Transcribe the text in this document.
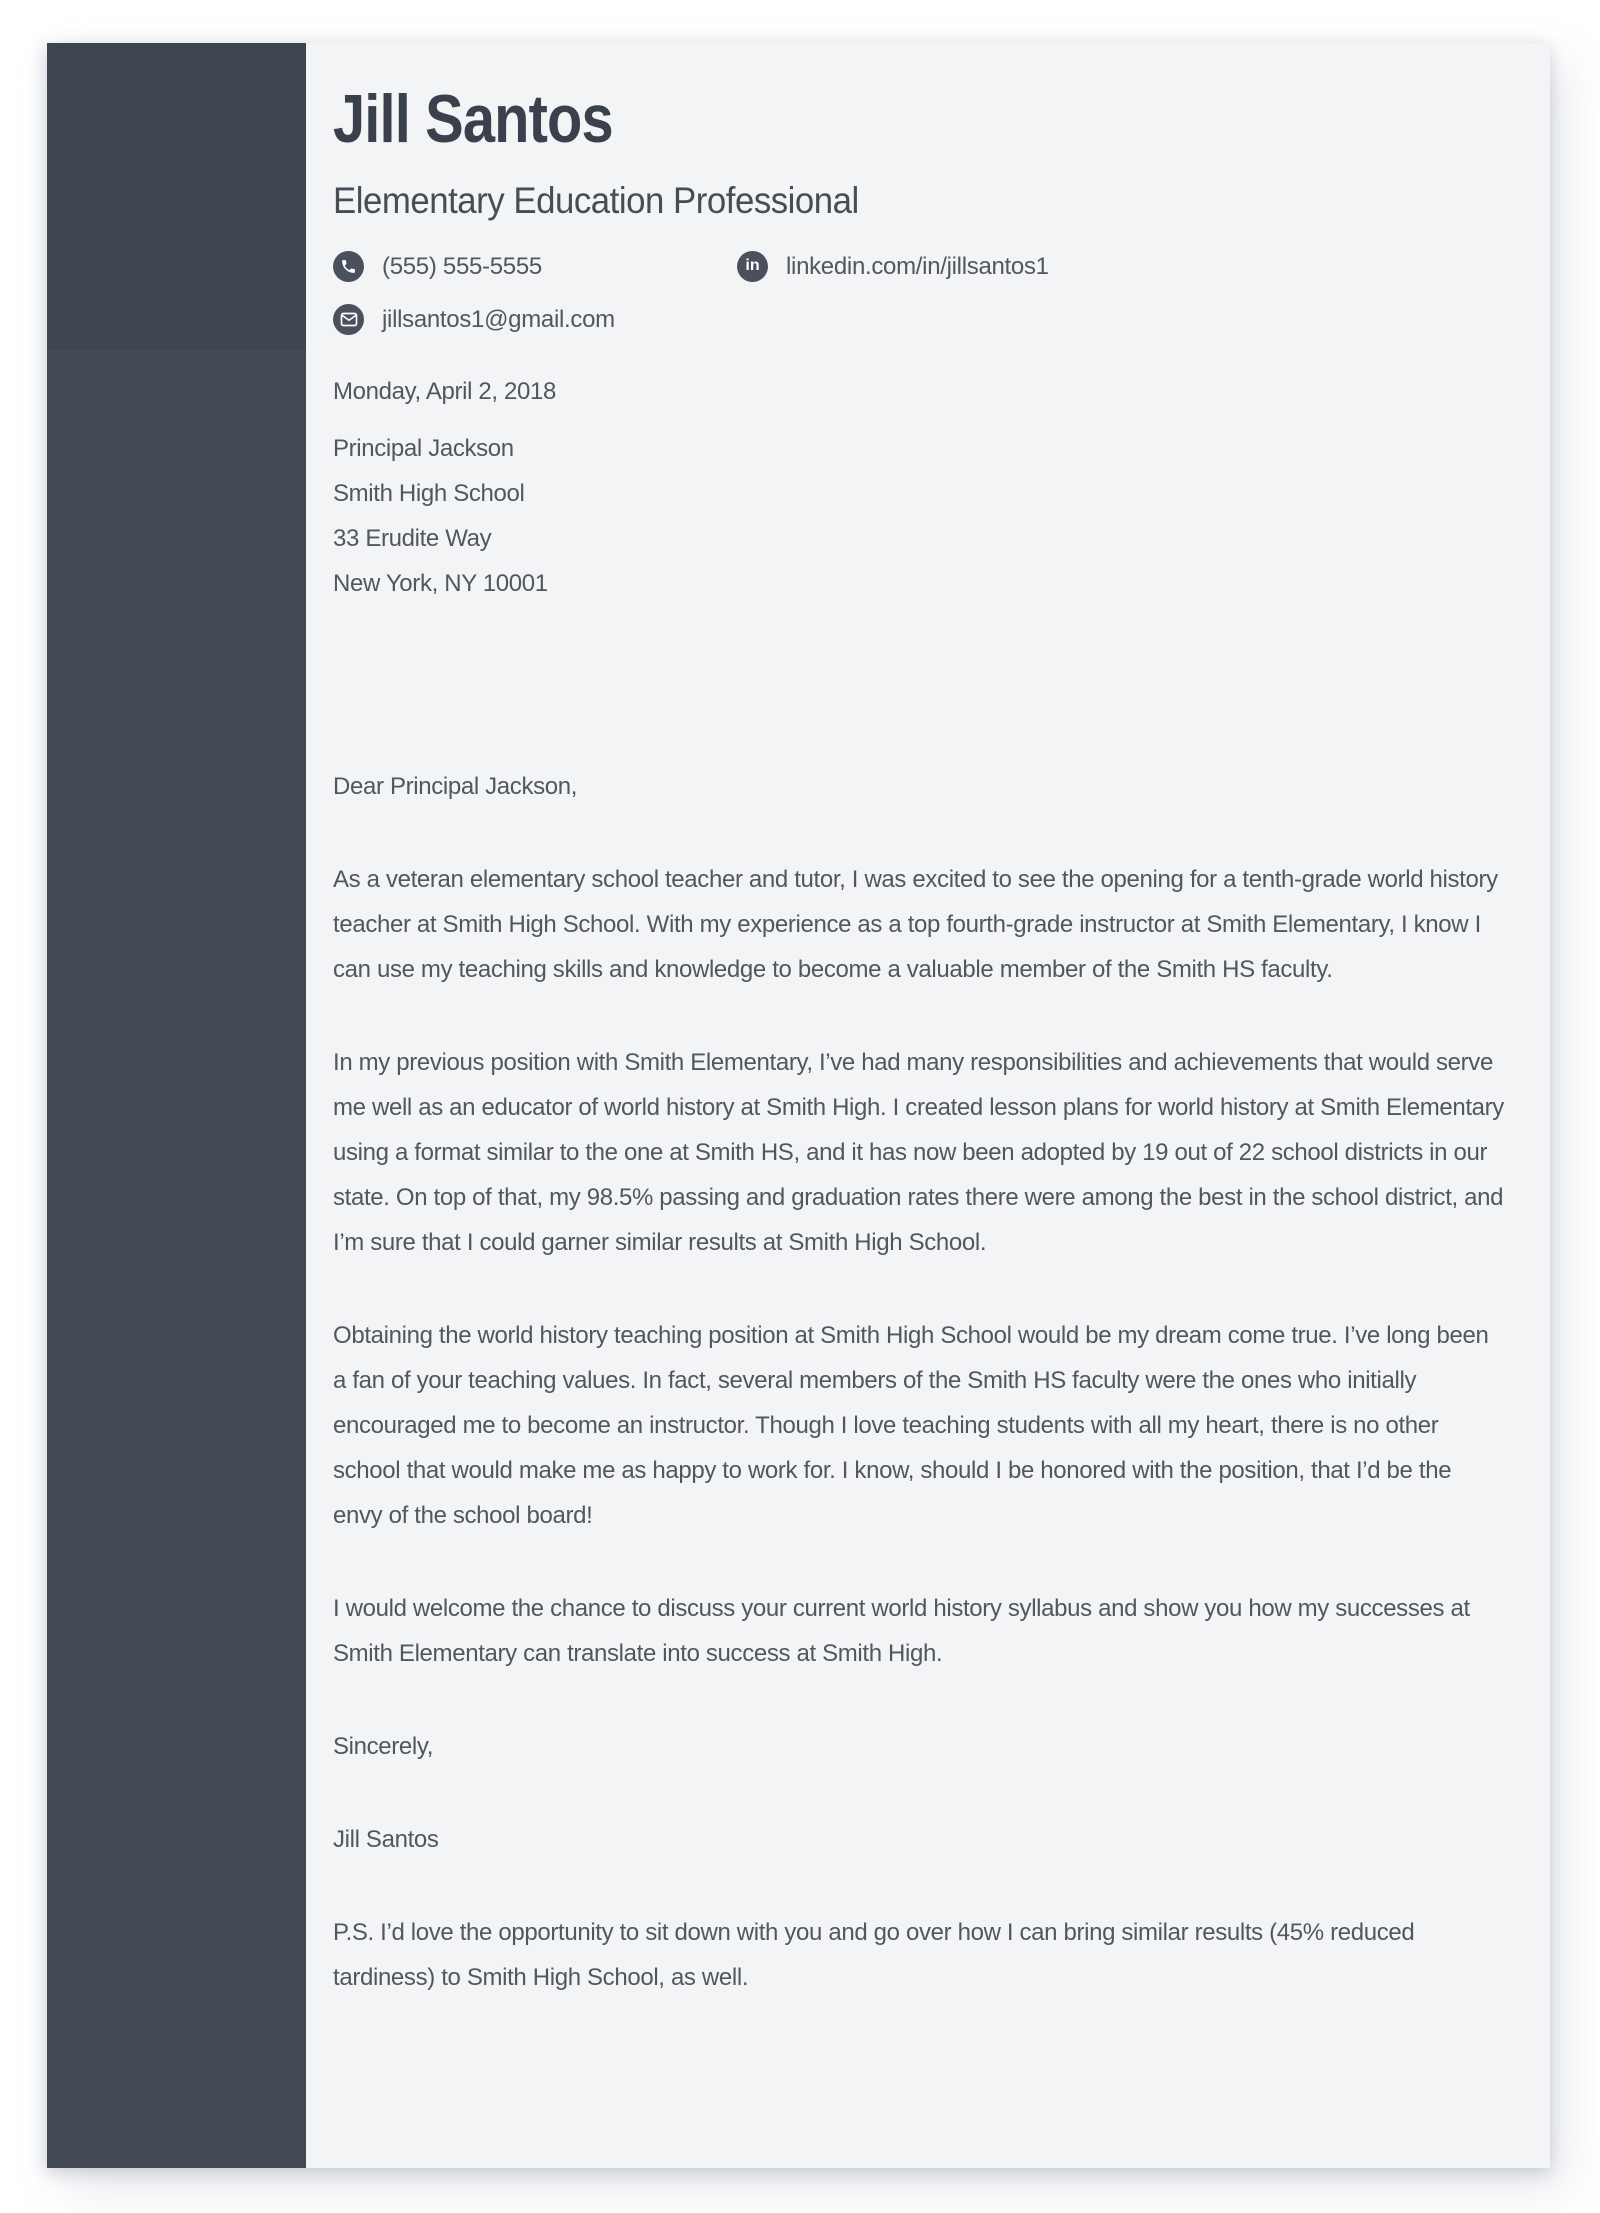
Jill Santos
Elementary Education Professional
(555) 555-5555	in linkedin.com/in/jillsantos1
jillsantos1@gmail.com
Monday, April 2, 2018
Principal Jackson
Smith High School
33 Erudite Way
New York, NY 10001
Dear Principal Jackson,

As a veteran elementary school teacher and tutor, I was excited to see the opening for a tenth-grade world history teacher at Smith High School. With my experience as a top fourth-grade instructor at Smith Elementary, I know I can use my teaching skills and knowledge to become a valuable member of the Smith HS faculty.

In my previous position with Smith Elementary, I’ve had many responsibilities and achievements that would serve me well as an educator of world history at Smith High. I created lesson plans for world history at Smith Elementary using a format similar to the one at Smith HS, and it has now been adopted by 19 out of 22 school districts in our state. On top of that, my 98.5% passing and graduation rates there were among the best in the school district, and I’m sure that I could garner similar results at Smith High School.

Obtaining the world history teaching position at Smith High School would be my dream come true. I’ve long been a fan of your teaching values. In fact, several members of the Smith HS faculty were the ones who initially encouraged me to become an instructor. Though I love teaching students with all my heart, there is no other school that would make me as happy to work for. I know, should I be honored with the position, that I’d be the envy of the school board!

I would welcome the chance to discuss your current world history syllabus and show you how my successes at Smith Elementary can translate into success at Smith High.

Sincerely,

Jill Santos

P.S. I’d love the opportunity to sit down with you and go over how I can bring similar results (45% reduced tardiness) to Smith High School, as well.
